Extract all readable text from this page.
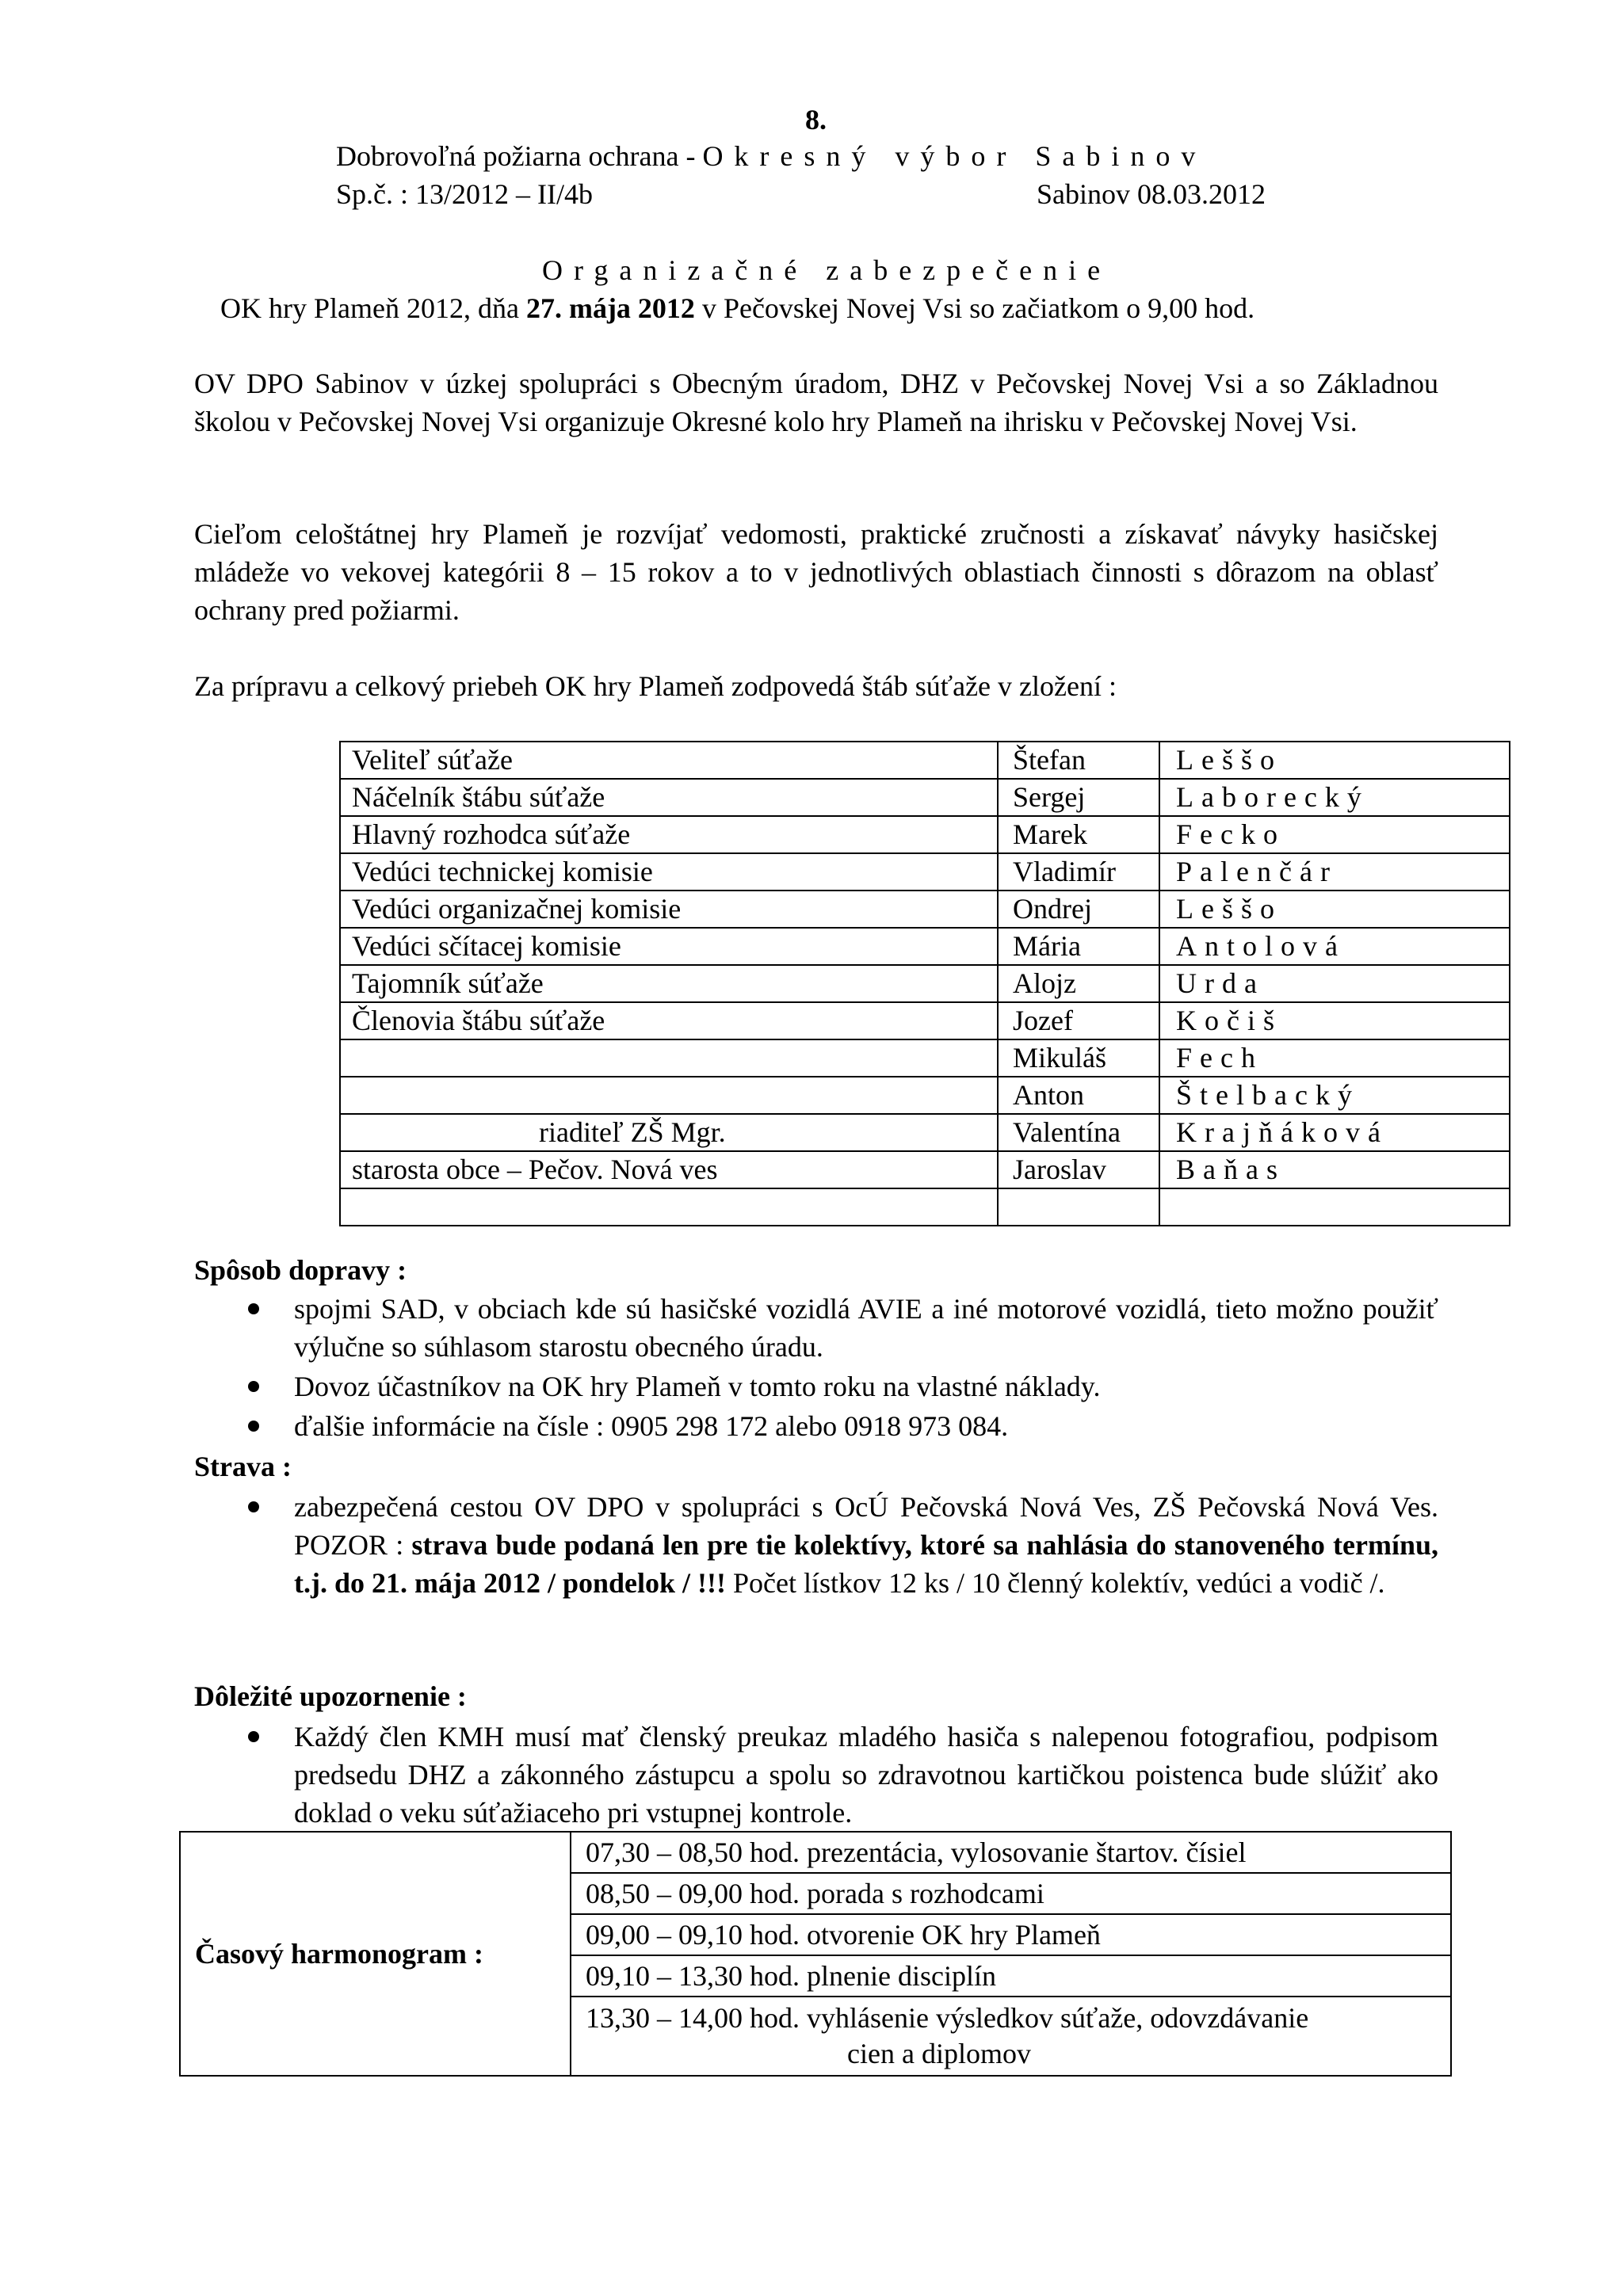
8.
Dobrovoľná požiarna ochrana - Okresný výbor Sabinov
Sp.č. : 13/2012 – II/4b	Sabinov 08.03.2012
Organizačné zabezpečenie
OK hry Plameň 2012, dňa 27. mája 2012 v Pečovskej Novej Vsi so začiatkom o 9,00 hod.
OV DPO Sabinov v úzkej spolupráci s Obecným úradom, DHZ v Pečovskej Novej Vsi a so Základnou školou v Pečovskej Novej Vsi organizuje Okresné kolo hry Plameň na ihrisku v Pečovskej Novej Vsi.
Cieľom celoštátnej hry Plameň je rozvíjať vedomosti, praktické zručnosti a získavať návyky hasičskej mládeže vo vekovej kategórii 8 – 15 rokov a to v jednotlivých oblastiach činnosti s dôrazom na oblasť ochrany pred požiarmi.
Za prípravu a celkový priebeh OK hry Plameň zodpovedá štáb súťaže v zložení :
Veliteľ súťaže	Štefan	Leššo
Náčelník štábu súťaže	Sergej	Laborecký
Hlavný rozhodca súťaže	Marek	Fecko
Vedúci technickej komisie	Vladimír	Palenčár
Vedúci organizačnej komisie	Ondrej	Leššo
Vedúci sčítacej komisie	Mária	Antolová
Tajomník súťaže	Alojz	Urda
Členovia štábu súťaže	Jozef	Kočiš
	Mikuláš	Fech
	Anton	Štelbacký
riaditeľ ZŠ Mgr.	Valentína	Krajňáková
starosta obce – Pečov. Nová ves	Jaroslav	Baňas

Spôsob dopravy :
spojmi SAD, v obciach kde sú hasičské vozidlá AVIE a iné motorové vozidlá, tieto možno použiť výlučne so súhlasom starostu obecného úradu.
Dovoz účastníkov na OK hry Plameň v tomto roku na vlastné náklady.
ďalšie informácie na čísle : 0905 298 172 alebo 0918 973 084.
Strava :
zabezpečená cestou OV DPO v spolupráci s OcÚ Pečovská Nová Ves, ZŠ Pečovská Nová Ves. POZOR : strava bude podaná len pre tie kolektívy, ktoré sa nahlásia do stanoveného termínu, t.j. do 21. mája 2012 / pondelok / !!! Počet lístkov 12 ks / 10 členný kolektív, vedúci a vodič /.
Dôležité upozornenie :
Každý člen KMH musí mať členský preukaz mladého hasiča s nalepenou fotografiou, podpisom predsedu DHZ a zákonného zástupcu a spolu so zdravotnou kartičkou poistenca bude slúžiť ako doklad o veku súťažiaceho pri vstupnej kontrole.
Časový harmonogram :	07,30 – 08,50 hod. prezentácia, vylosovanie štartov. čísiel
08,50 – 09,00 hod. porada s rozhodcami
09,00 – 09,10 hod. otvorenie OK hry Plameň
09,10 – 13,30 hod. plnenie disciplín
13,30 – 14,00 hod. vyhlásenie výsledkov súťaže, odovzdávanie
cien a diplomov
